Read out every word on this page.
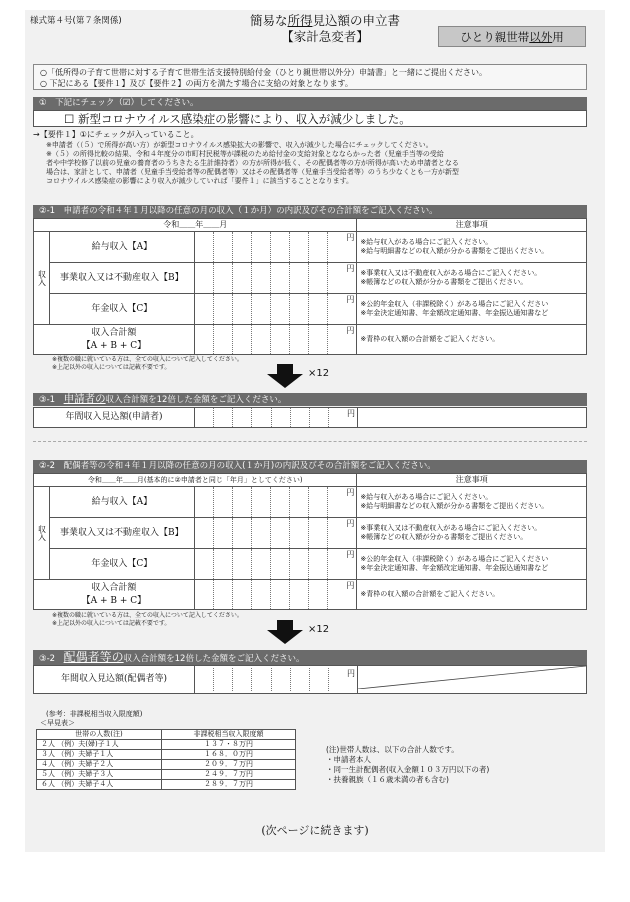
様式第４号(第７条関係)	簡易な所得見込額の申立書
【家計急変者】	ひとり親世帯以外用
○「低所得の子育て世帯に対する子育て世帯生活支援特別給付金（ひとり親世帯以外分）申請書」と一緒にご提出ください。
○ 下記にある【要件１】及び【要件２】の両方を満たす場合に支給の対象となります。
①　下記にチェック（☑）してください。
☐ 新型コロナウイルス感染症の影響により、収入が減少しました。
→【要件１】①にチェックが入っていること。
※申請者（（５）で所得が高い方）が新型コロナウイルス感染拡大の影響で、収入が減少した場合にチェックしてください。
※（５）の所得比較の結果、令和４年度分の市町村民税等が課税のため給付金の支給対象となならかった者（児童手当等の受給
者や中学校修了以前の児童の養育者のうちきたる生計維持者）の方が所得が低く、その配偶者等の方が所得が高いため申請者となる
場合は、家計として、申請者（児童手当受給者等の配偶者等）又はその配偶者等（児童手当受給者等）のうち少なくとも一方が新型
コロナウイルス感染症の影響により収入が減少していれば「要件１」に該当することとなります。
②-1　申請者の令和４年１月以降の任意の月の収入（１か月）の内訳及びその合計額をご記入ください。
令和＿＿年＿＿月			注意事項
収入	給与収入【A】	円	※給与収入がある場合にご記入ください。
※給与明細書などの収入額が分かる書類をご提出ください。

	事業収入又は不動産収入【B】	円	※事業収入又は不動産収入がある場合にご記入ください。
※帳簿などの収入額が分かる書類をご提出ください。

	年金収入【C】	円	※公的年金収入（非課税除く）がある場合にご記入ください
※年金決定通知書、年金額改定通知書、年金振込通知書など

収入合計額
【A + B + C】		円	※青枠の収入額の合計額をご記入ください。
※複数の職に就いている方は、全ての収入について記入してください。
※上記以外の収入については記載不要です。
×12
③-1　申請者の収入合計額を12倍した金額をご記入ください。
年間収入見込額(申請者)	円

②-2　配偶者等の令和４年１月以降の任意の月の収入(１か月)の内訳及びその合計額をご記入ください。
令和＿＿年＿＿月(基本的に②申請者と同じ「年月」としてください)			注意事項
収入	給与収入【A】	円	※給与収入がある場合にご記入ください。
※給与明細書などの収入額が分かる書類をご提出ください。

	事業収入又は不動産収入【B】	円	※事業収入又は不動産収入がある場合にご記入ください。
※帳簿などの収入額が分かる書類をご提出ください。

	年金収入【C】	円	※公的年金収入（非課税除く）がある場合にご記入ください
※年金決定通知書、年金額改定通知書、年金振込通知書など

収入合計額
【A + B + C】		円	※青枠の収入額の合計額をご記入ください。
※複数の職に就いている方は、全ての収入について記入してください。
※上記以外の収入については記載不要です。
×12
③-2　配偶者等の収入合計額を12倍した金額をご記入ください。
年間収入見込額(配偶者等)	
円

(参考：非課税相当収入限度額)
＜早見表＞
世帯の人数(注)	非課税相当収入限度額
２人 （例）夫(婦)子１人	１３７・８万円
３人 （例）夫婦子１人	１６８．０万円
４人 （例）夫婦子２人	２０９．７万円
５人 （例）夫婦子３人	２４９．７万円
６人 （例）夫婦子４人	２８９．７万円
(注)世帯人数は、以下の合計人数です。
・申請者本人
・同一生計配偶者(収入金額１０３万円以下の者)
・扶養親族（１６歳未満の者も含む)
(次ページに続きます)
